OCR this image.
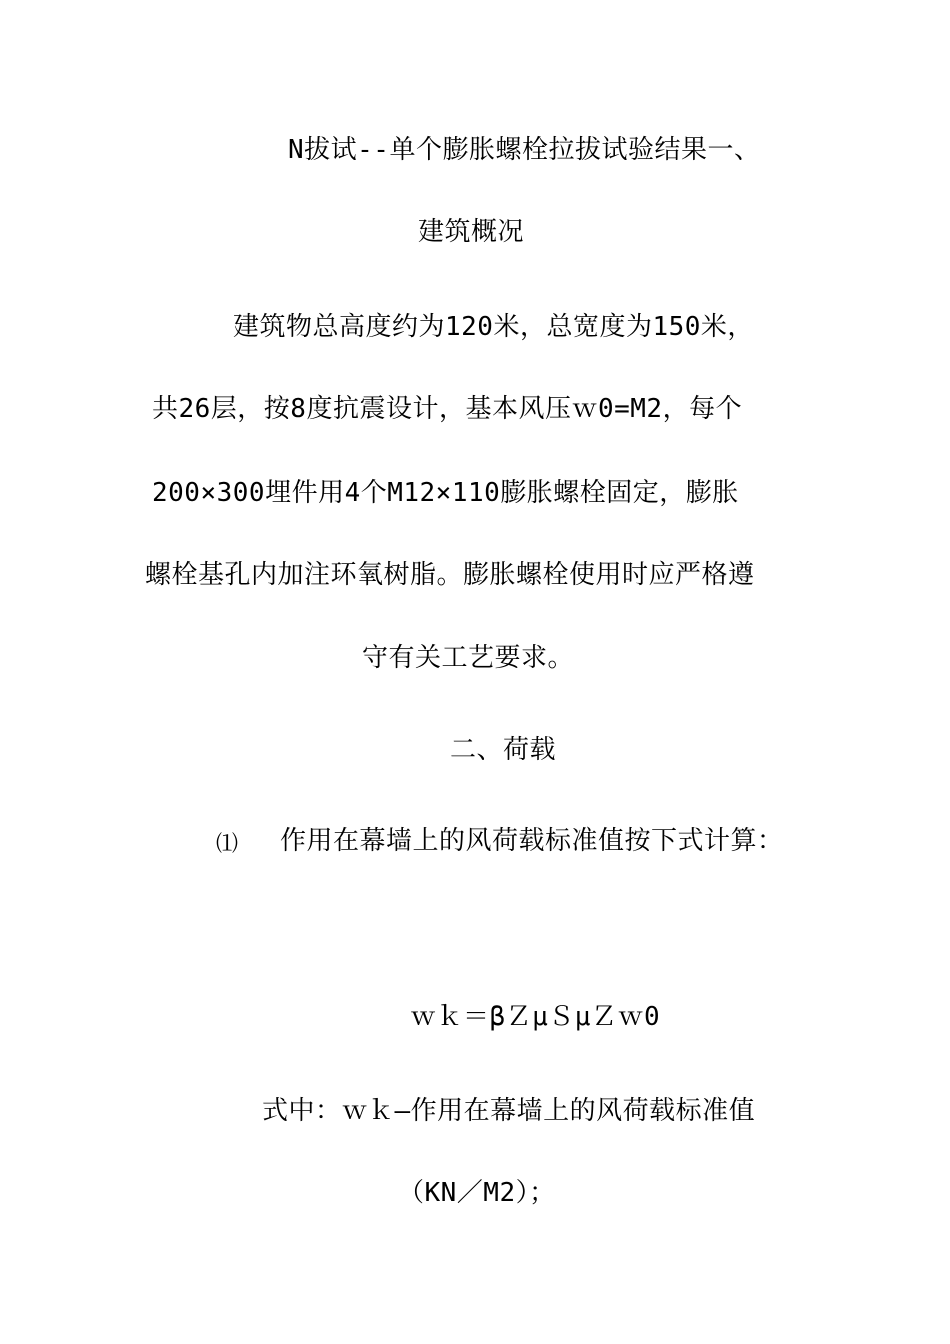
N拔试--单个膨胀螺栓拉拔试验结果一、
建筑概况
建筑物总高度约为120米，总宽度为150米，
共26层，按8度抗震设计，基本风压ｗ0=M2，每个
200×300埋件用4个M12×110膨胀螺栓固定，膨胀
螺栓基孔内加注环氧树脂。膨胀螺栓使用时应严格遵
守有关工艺要求。
二、荷载
⑴ 作用在幕墙上的风荷载标准值按下式计算：
ｗｋ＝βＺμＳμＺｗ0
式中：ｗｋ—作用在幕墙上的风荷载标准值
（KN／M2）；
